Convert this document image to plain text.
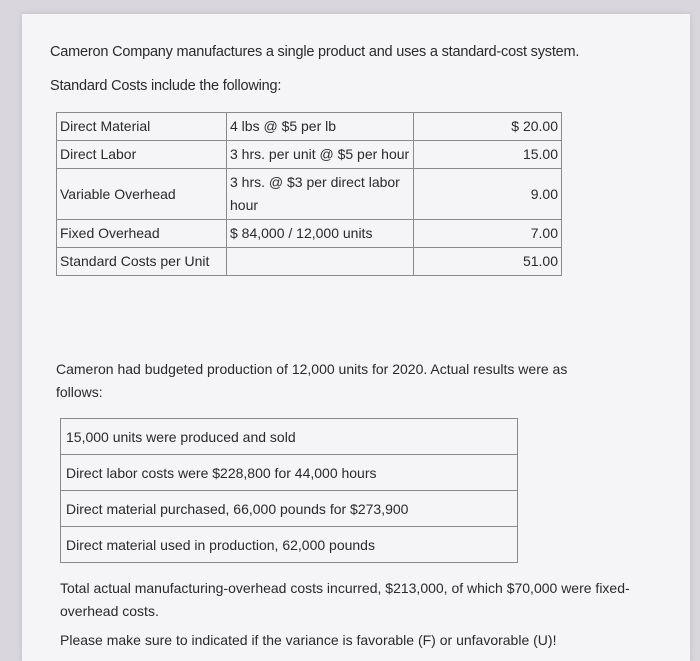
Cameron Company manufactures a single product and uses a standard-cost system.
Standard Costs include the following:
Direct Material	4 lbs @ $5 per lb	$ 20.00
Direct Labor	3 hrs. per unit @ $5 per hour	15.00
Variable Overhead	3 hrs. @ $3 per direct labor hour	9.00
Fixed Overhead	$ 84,000 / 12,000 units	7.00
Standard Costs per Unit		51.00
Cameron had budgeted production of 12,000 units for 2020. Actual results were as follows:
15,000 units were produced and sold
Direct labor costs were $228,800 for 44,000 hours
Direct material purchased, 66,000 pounds for $273,900
Direct material used in production, 62,000 pounds
Total actual manufacturing-overhead costs incurred, $213,000, of which $70,000 were fixed-overhead costs.
Please make sure to indicated if the variance is favorable (F) or unfavorable (U)!
